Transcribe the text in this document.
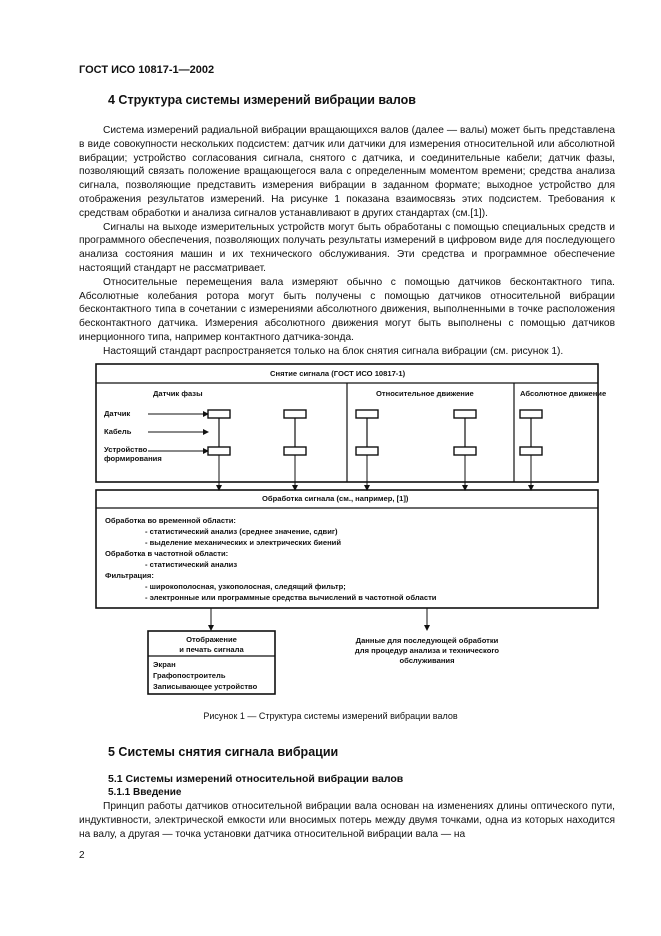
ГОСТ ИСО 10817-1—2002
4 Структура системы измерений вибрации валов

Система измерений радиальной вибрации вращающихся валов (далее — валы) может быть представлена в виде совокупности нескольких подсистем: датчик или датчики для измерения относительной или абсолютной вибрации; устройство согласования сигнала, снятого с датчика, и соединительные кабели; датчик фазы, позволяющий связать положение вращающегося вала с определенным моментом времени; средства анализа сигнала, позволяющие представить измерения вибрации в заданном формате; выходное устройство для отображения результатов измерений. На рисунке 1 показана взаимосвязь этих подсистем. Требования к средствам обработки и анализа сигналов устанавливают в других стандартах (см.[1]).

Сигналы на выходе измерительных устройств могут быть обработаны с помощью специальных средств и программного обеспечения, позволяющих получать результаты измерений в цифровом виде для последующего анализа состояния машин и их технического обслуживания. Эти средства и программное обеспечение настоящий стандарт не рассматривает.

Относительные перемещения вала измеряют обычно с помощью датчиков бесконтактного типа. Абсолютные колебания ротора могут быть получены с помощью датчиков относительной вибрации бесконтактного типа в сочетании с измерениями абсолютного движения, выполненными в точке расположения бесконтактного датчика. Измерения абсолютного движения могут быть выполнены с помощью датчиков инерционного типа, например контактного датчика-зонда.

Настоящий стандарт распространяется только на блок снятия сигнала вибрации (см. рисунок 1).

Снятие сигнала (ГОСТ ИСО 10817-1)
Датчик фазы	Относительное движение	Абсолютное движение
Датчик
Кабель
Устройство
формирования
Обработка сигнала (см., например, [1])
Обработка во временной области:
- статистический анализ (среднее значение, сдвиг)
- выделение механических и электрических биений
Обработка в частотной области:
- статистический анализ
Фильтрация:
- широкополосная, узкополосная, следящий фильтр;
- электронные или программные средства вычислений в частотной области
Отображение
и печать сигнала
Экран
Графопостроитель
Записывающее устройство
Данные для последующей обработки
для процедур анализа и технического
обслуживания
Рисунок 1 — Структура системы измерений вибрации валов
5 Системы снятия сигнала вибрации
5.1 Системы измерений относительной вибрации валов
5.1.1 Введение

Принцип работы датчиков относительной вибрации вала основан на изменениях длины оптического пути, индуктивности, электрической емкости или вносимых потерь между двумя точками, одна из которых находится на валу, а другая — точка установки датчика относительной вибрации вала — на

2
